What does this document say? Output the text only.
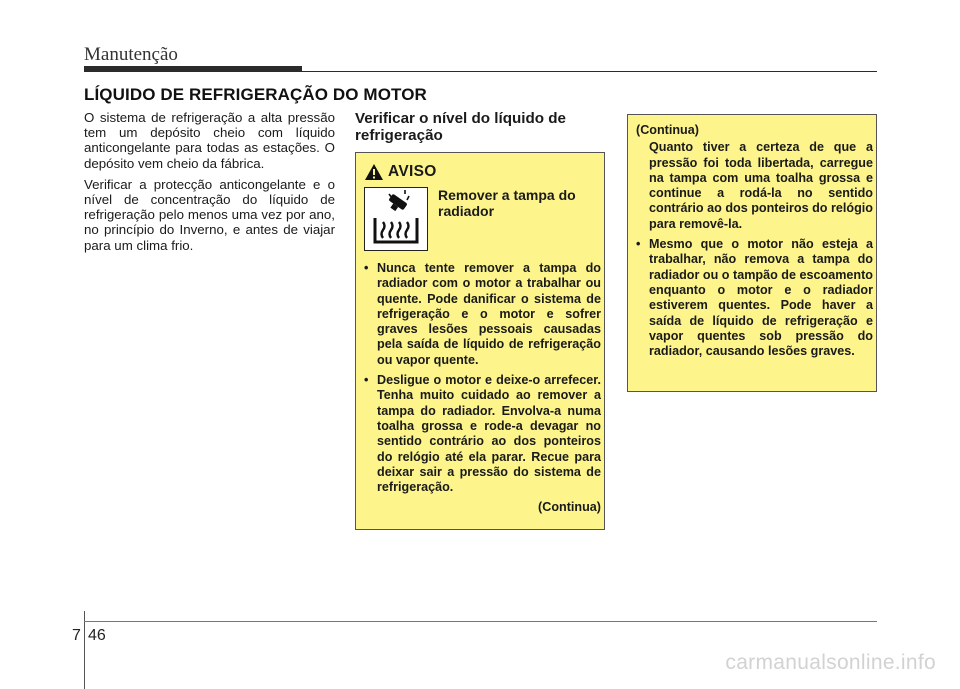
Manutenção
LÍQUIDO DE REFRIGERAÇÃO DO MOTOR

O sistema de refrigeração a alta pressão tem um depósito cheio com líquido anticongelante para todas as estações. O depósito vem cheio da fábrica.

Verificar a protecção anticongelante e o nível de concentração do líquido de refrigeração pelo menos uma vez por ano, no princípio do Inverno, e antes de viajar para um clima frio.

Verificar o nível do líquido de refrigeração
AVISO
Remover a tampa do radiador
• Nunca tente remover a tampa do radiador com o motor a trabalhar ou quente. Pode danificar o sistema de refrigeração e o motor e sofrer graves lesões pessoais causadas pela saída de líquido de refrigeração ou vapor quente.
• Desligue o motor e deixe-o arrefecer. Tenha muito cuidado ao remover a tampa do radiador. Envolva-a numa toalha grossa e rode-a devagar no sentido contrário ao dos ponteiros do relógio até ela parar. Recue para deixar sair a pressão do sistema de refrigeração.
(Continua)
(Continua)
Quanto tiver a certeza de que a pressão foi toda libertada, carregue na tampa com uma toalha grossa e continue a rodá-la no sentido contrário ao dos ponteiros do relógio para removê-la.
• Mesmo que o motor não esteja a trabalhar, não remova a tampa do radiador ou o tampão de escoamento enquanto o motor e o radiador estiverem quentes. Pode haver a saída de líquido de refrigeração e vapor quentes sob pressão do radiador, causando lesões graves.
7 46
carmanualsonline.info
